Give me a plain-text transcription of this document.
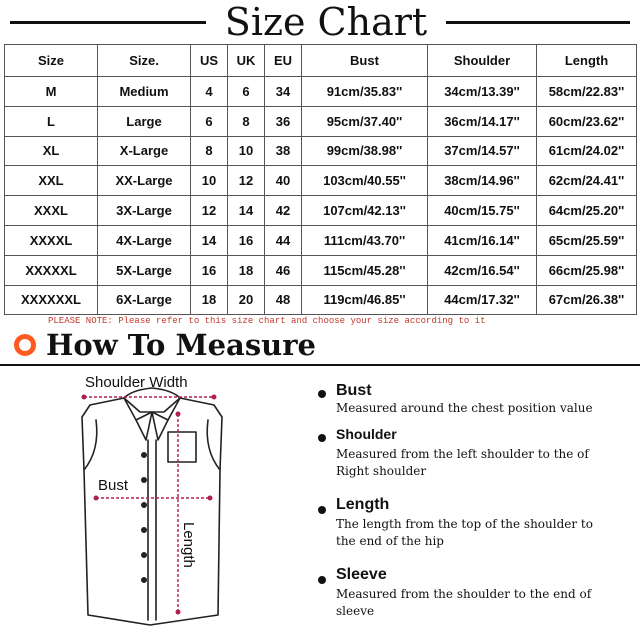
Size Chart
Size	Size.	US	UK	EU	Bust	Shoulder	Length
M	Medium	4	6	34	91cm/35.83''	34cm/13.39''	58cm/22.83''
L	Large	6	8	36	95cm/37.40''	36cm/14.17''	60cm/23.62''
XL	X-Large	8	10	38	99cm/38.98''	37cm/14.57''	61cm/24.02''
XXL	XX-Large	10	12	40	103cm/40.55''	38cm/14.96''	62cm/24.41''
XXXL	3X-Large	12	14	42	107cm/42.13''	40cm/15.75''	64cm/25.20''
XXXXL	4X-Large	14	16	44	111cm/43.70''	41cm/16.14''	65cm/25.59''
XXXXXL	5X-Large	16	18	46	115cm/45.28''	42cm/16.54''	66cm/25.98''
XXXXXXL	6X-Large	18	20	48	119cm/46.85''	44cm/17.32''	67cm/26.38''
PLEASE NOTE: Please refer to this size chart and choose your size according to it
How To Measure
Shoulder Width
Bust
Length
Bust
Measured around the chest position value
Shoulder
Measured from the left shoulder to the of Right shoulder
Length
The length from the top of the shoulder to the end of the hip
Sleeve
Measured from the shoulder to the end of sleeve
